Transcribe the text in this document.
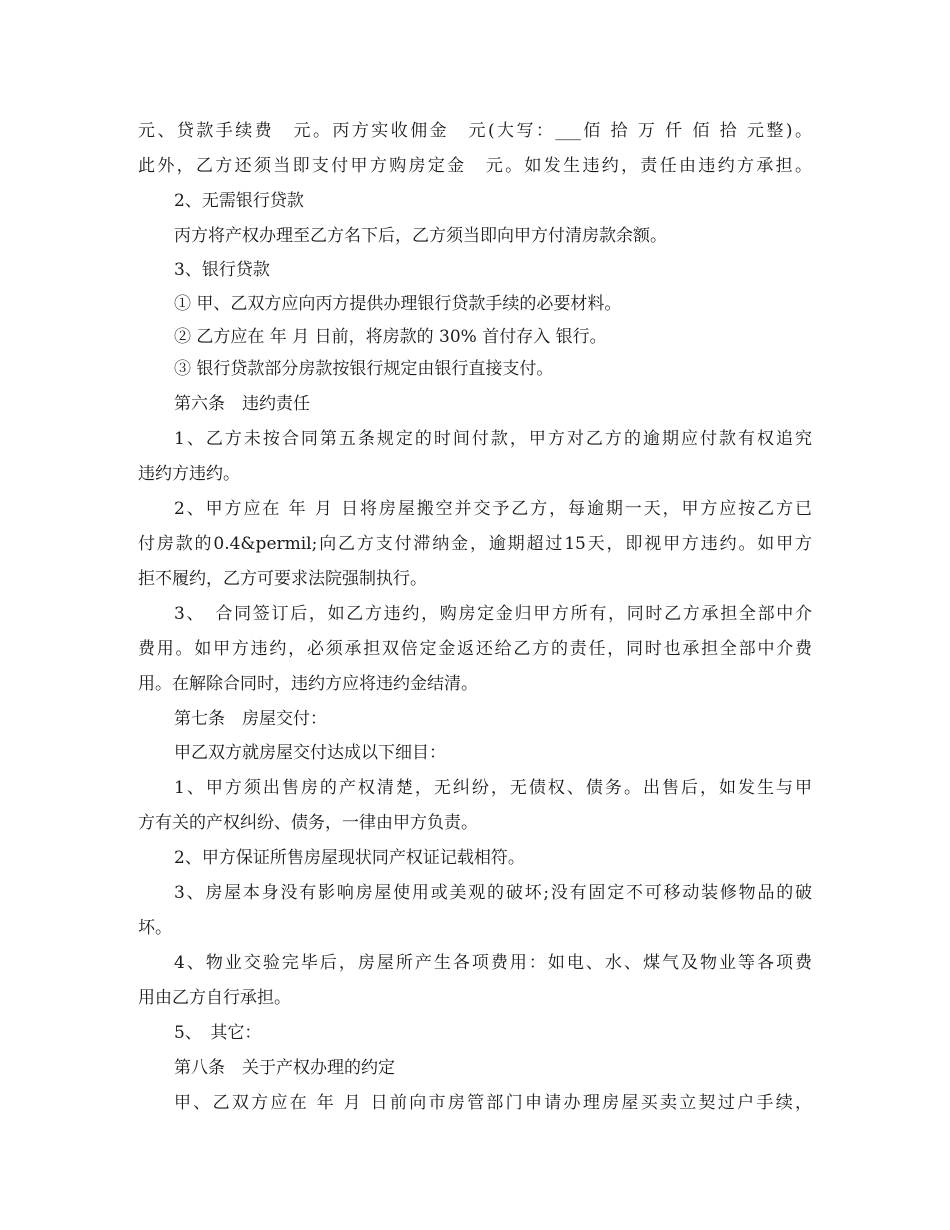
元、贷款手续费　元。丙方实收佣金　元(大写：___佰 拾 万 仟 佰 拾 元整)。
此外，乙方还须当即支付甲方购房定金　元。如发生违约，责任由违约方承担。
2、无需银行贷款
丙方将产权办理至乙方名下后，乙方须当即向甲方付清房款余额。
3、银行贷款
① 甲、乙双方应向丙方提供办理银行贷款手续的必要材料。
② 乙方应在 年 月 日前，将房款的 30% 首付存入 银行。
③ 银行贷款部分房款按银行规定由银行直接支付。
第六条　违约责任
1、乙方未按合同第五条规定的时间付款，甲方对乙方的逾期应付款有权追究
违约方违约。
2、甲方应在 年 月 日将房屋搬空并交予乙方，每逾期一天，甲方应按乙方已
付房款的0.4&permil;向乙方支付滞纳金，逾期超过15天，即视甲方违约。如甲方
拒不履约，乙方可要求法院强制执行。
3、　合同签订后，如乙方违约，购房定金归甲方所有，同时乙方承担全部中介
费用。如甲方违约，必须承担双倍定金返还给乙方的责任，同时也承担全部中介费
用。在解除合同时，违约方应将违约金结清。
第七条　房屋交付：
甲乙双方就房屋交付达成以下细目：
1、甲方须出售房的产权清楚，无纠纷，无债权、债务。出售后，如发生与甲
方有关的产权纠纷、债务，一律由甲方负责。
2、甲方保证所售房屋现状同产权证记载相符。
3、房屋本身没有影响房屋使用或美观的破坏;没有固定不可移动装修物品的破
坏。
4、物业交验完毕后，房屋所产生各项费用：如电、水、煤气及物业等各项费
用由乙方自行承担。
5、　其它：
第八条　关于产权办理的约定
甲、乙双方应在 年 月 日前向市房管部门申请办理房屋买卖立契过户手续，
